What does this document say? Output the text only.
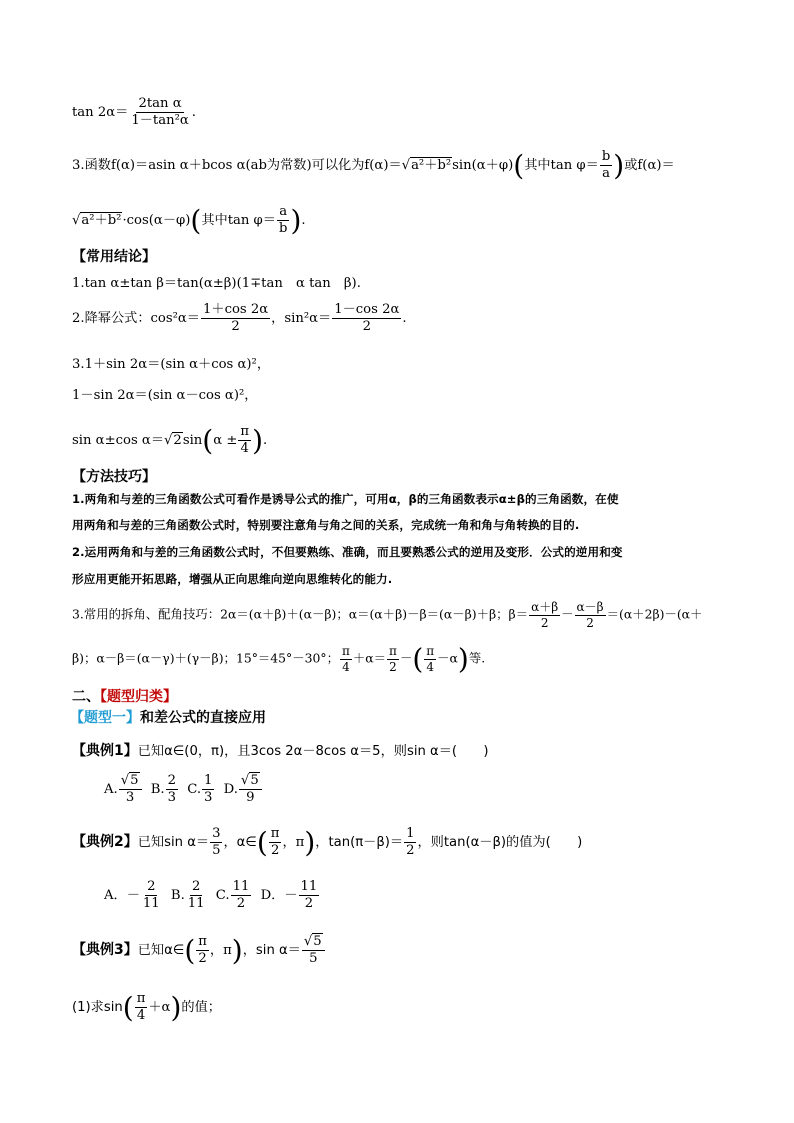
$\tan 2\alpha= \frac{\text{2tan α}}{\text{1－tan²α}}$ .
3.函数f(α)＝asin α＋bcos α(ab为常数)可以化为f(α)＝√a²＋b²sin(α＋φ)(其中$\tan \varphi= \frac{b}{a}$ )或f(α)＝
√a²＋b²·cos(α－φ)(其中$\tan \varphi= \frac{a}{b}$ ).
【常用结论】
1.tan α±tan β＝tan(α±β)(1∓tan　α tan　β).
2.降幂公式：$\cos^2\alpha= \frac{1+\cos 2\alpha}{2}$ ，$\sin^2\alpha= \frac{1-\cos 2\alpha}{2}$ .
3.1＋sin 2α＝(sin α＋cos α)²，
1－sin 2α＝(sin α－cos α)²，
sin α±cos $\alpha=√2\sin(\alpha \pm \frac{\pi}{4}$ ).
【方法技巧】
1.两角和与差的三角函数公式可看作是诱导公式的推广，可用α，β的三角函数表示α±β的三角函数，在使
用两角和与差的三角函数公式时，特别要注意角与角之间的关系，完成统一角和角与角转换的目的.
2.运用两角和与差的三角函数公式时，不但要熟练、准确，而且要熟悉公式的逆用及变形．公式的逆用和变
形应用更能开拓思路，增强从正向思维向逆向思维转化的能力.
3.常用的拆角、配角技巧：2α＝(α＋β)＋(α－β)；α＝(α＋β)－β＝(α－β)＋β；$\beta= \frac{\alpha+\beta}{2} - \frac{\alpha-\beta}{2} =(\alpha+2\beta)-(\alpha+$
β)；α－β＝(α－γ)＋(γ－β)；15°＝45°－30°； $\frac{\pi}{4} +\alpha= \frac{\pi}{2}$ －( $\frac{\pi}{4} -\alpha$)等.
二、【题型归类】
【题型一】和差公式的直接应用
【典例1】已知α∈(0，π)，且3cos 2α－8cos α＝5，则sin α＝(　　)
A. $\frac{√5}{3} B$. $\frac{2}{3} C$. $\frac{1}{3} D$. $\frac{√5}{9}$
【典例2】已知$\sin \alpha= \frac{3}{5}$ ，α∈( $\frac{\pi}{2}$ ，π)，$\tan(\pi-\beta)= \frac{1}{2}$ ，则tan(α－β)的值为(　　)
A．－ $\frac{2}{11} B$. $\frac{2}{11} C$. $\frac{11}{2}$ D．－ $\frac{11}{2}$
【典例3】已知α∈( $\frac{\pi}{2}$ ，π)，$\sin \alpha= \frac{√5}{5}$
(1)求$\sin( \frac{\pi}{4} +\alpha)$的值；
